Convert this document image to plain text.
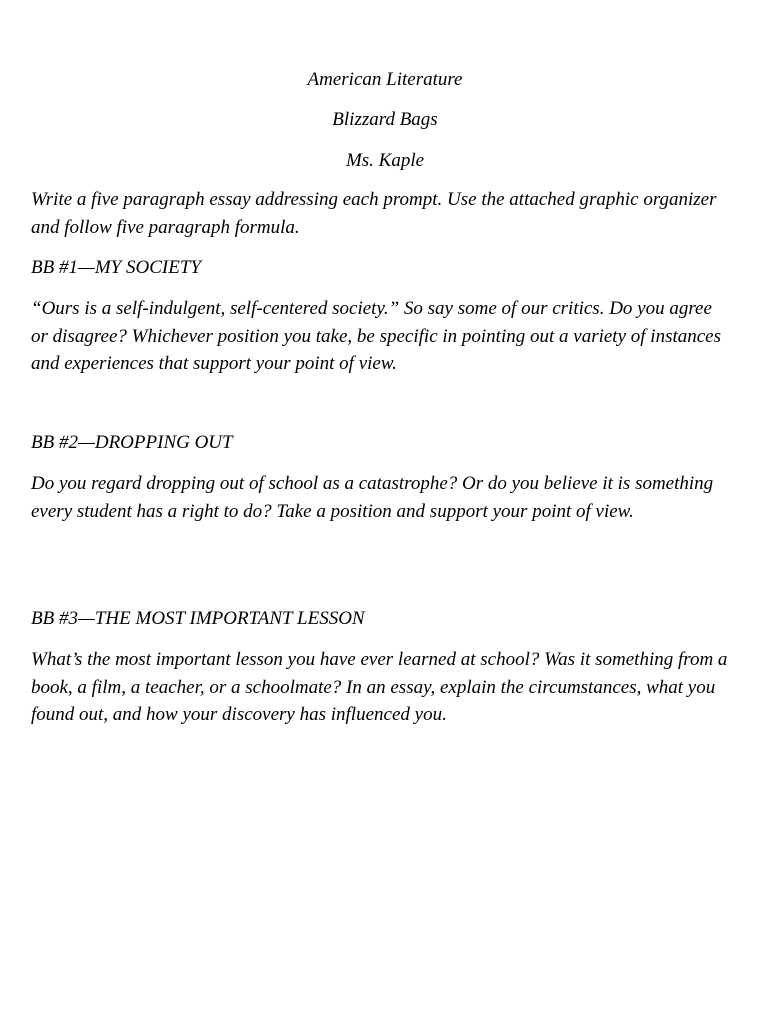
American Literature
Blizzard Bags
Ms. Kaple

Write a five paragraph essay addressing each prompt. Use the attached graphic organizer and follow five paragraph formula.

BB #1—MY SOCIETY

“Ours is a self-indulgent, self-centered society.” So say some of our critics. Do you agree or disagree? Whichever position you take, be specific in pointing out a variety of instances and experiences that support your point of view.

BB #2—DROPPING OUT

Do you regard dropping out of school as a catastrophe? Or do you believe it is something every student has a right to do? Take a position and support your point of view.

BB #3—THE MOST IMPORTANT LESSON

What’s the most important lesson you have ever learned at school? Was it something from a book, a film, a teacher, or a schoolmate? In an essay, explain the circumstances, what you found out, and how your discovery has influenced you.
